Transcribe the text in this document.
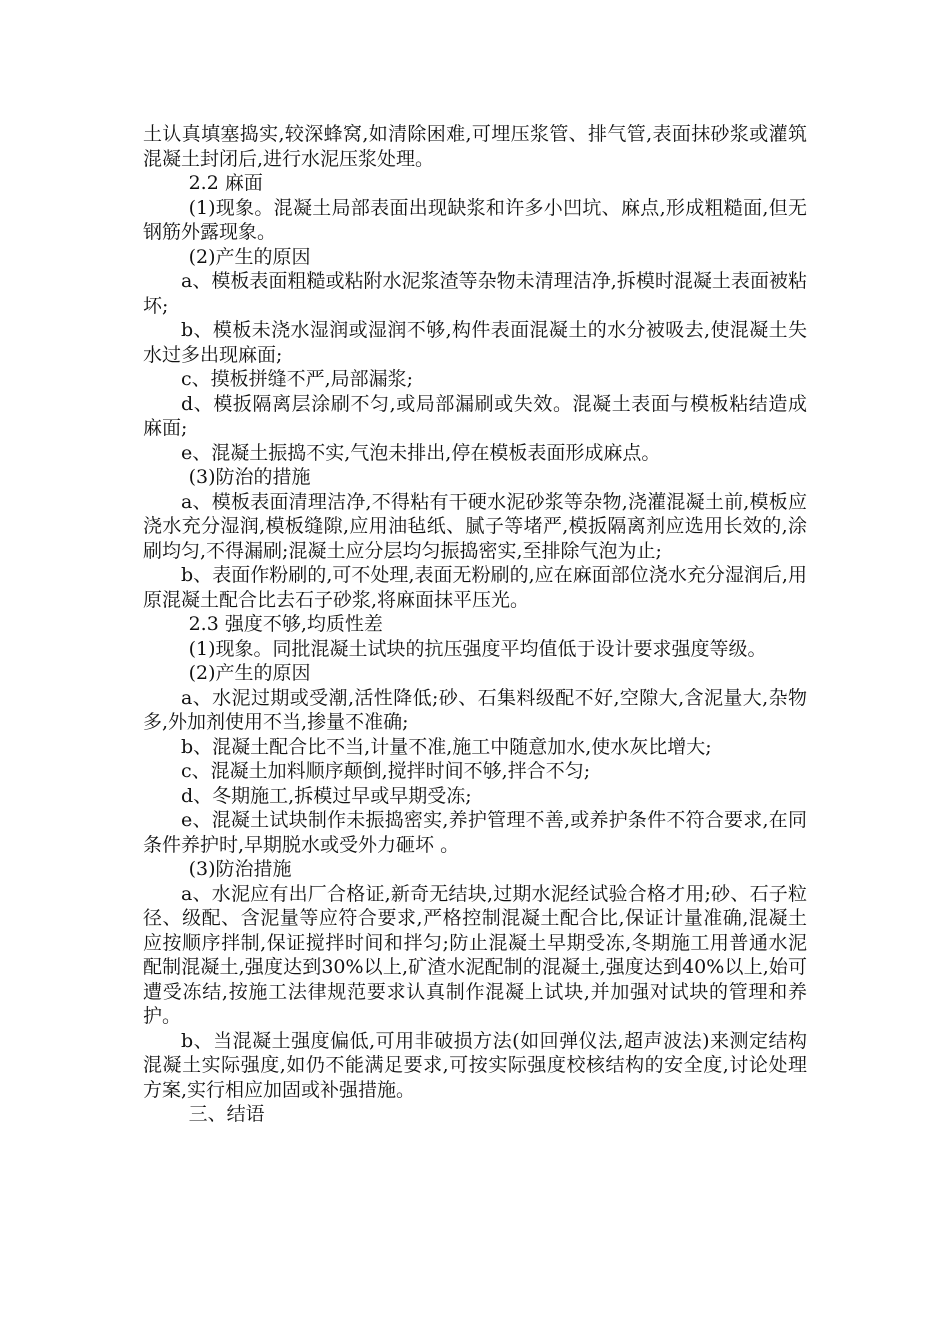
土认真填塞捣实,较深蜂窝,如清除困难,可埋压浆管、排气管,表面抹砂浆或灌筑混凝土封闭后,进行水泥压浆处理。

2.2 麻面

(1)现象。混凝土局部表面出现缺浆和许多小凹坑、麻点,形成粗糙面,但无钢筋外露现象。

(2)产生的原因

a、模板表面粗糙或粘附水泥浆渣等杂物未清理洁净,拆模时混凝土表面被粘坏;

b、模板未浇水湿润或湿润不够,构件表面混凝土的水分被吸去,使混凝土失水过多出现麻面;

c、摸板拼缝不严,局部漏浆;

d、模扳隔离层涂刷不匀,或局部漏刷或失效。混凝土表面与模板粘结造成麻面;

e、混凝土振捣不实,气泡未排出,停在模板表面形成麻点。

(3)防治的措施

a、模板表面清理洁净,不得粘有干硬水泥砂浆等杂物,浇灌混凝土前,模板应浇水充分湿润,模板缝隙,应用油毡纸、腻子等堵严,模扳隔离剂应选用长效的,涂刷均匀,不得漏刷;混凝土应分层均匀振捣密实,至排除气泡为止;

b、表面作粉刷的,可不处理,表面无粉刷的,应在麻面部位浇水充分湿润后,用原混凝土配合比去石子砂浆,将麻面抹平压光。

2.3 强度不够,均质性差

(1)现象。同批混凝土试块的抗压强度平均值低于设计要求强度等级。

(2)产生的原因

a、水泥过期或受潮,活性降低;砂、石集料级配不好,空隙大,含泥量大,杂物多,外加剂使用不当,掺量不准确;

b、混凝土配合比不当,计量不准,施工中随意加水,使水灰比增大;

c、混凝土加料顺序颠倒,搅拌时间不够,拌合不匀;

d、冬期施工,拆模过早或早期受冻;

e、混凝土试块制作未振捣密实,养护管理不善,或养护条件不符合要求,在同条件养护时,早期脱水或受外力砸坏 。

(3)防治措施

a、水泥应有出厂合格证,新奇无结块,过期水泥经试验合格才用;砂、石子粒径、级配、含泥量等应符合要求,严格控制混凝土配合比,保证计量准确,混凝土应按顺序拌制,保证搅拌时间和拌匀;防止混凝土早期受冻,冬期施工用普通水泥配制混凝土,强度达到30%以上,矿渣水泥配制的混凝土,强度达到40%以上,始可遭受冻结,按施工法律规范要求认真制作混凝上试块,并加强对试块的管理和养护。

b、当混凝土强度偏低,可用非破损方法(如回弹仪法,超声波法)来测定结构混凝土实际强度,如仍不能满足要求,可按实际强度校核结构的安全度,讨论处理方案,实行相应加固或补强措施。

三、结语
